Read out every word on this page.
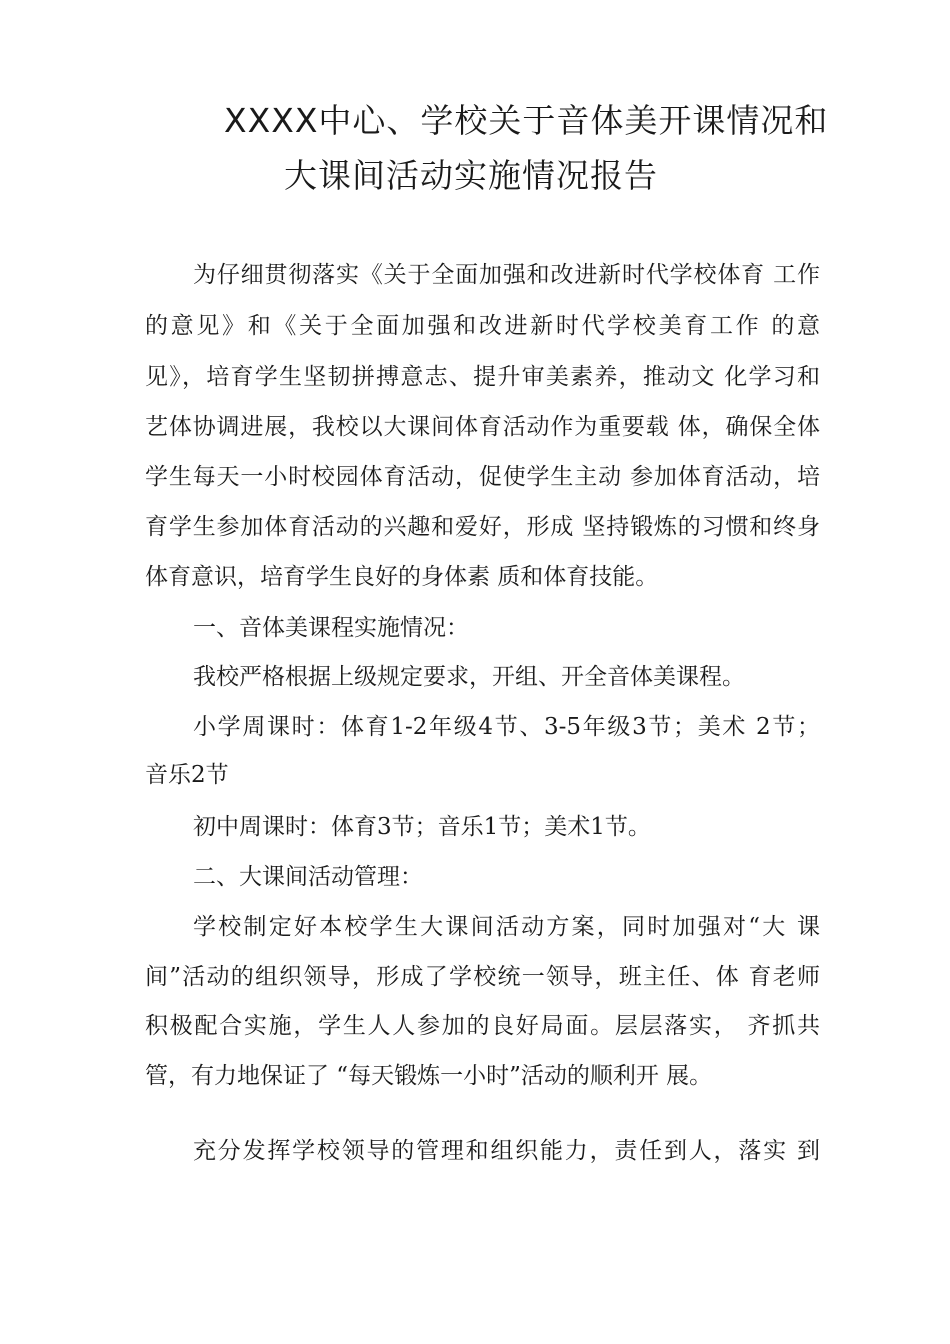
XXXX中心、学校关于音体美开课情况和
大课间活动实施情况报告
为仔细贯彻落实《关于全面加强和改进新时代学校体育 工作
的意见》和《关于全面加强和改进新时代学校美育工作 的意
见》，培育学生坚韧拼搏意志、提升审美素养，推动文 化学习和
艺体协调进展，我校以大课间体育活动作为重要载 体，确保全体
学生每天一小时校园体育活动，促使学生主动 参加体育活动，培
育学生参加体育活动的兴趣和爱好，形成 坚持锻炼的习惯和终身
体育意识，培育学生良好的身体素 质和体育技能。
一、音体美课程实施情况：
我校严格根据上级规定要求，开组、开全音体美课程。
小学周课时：体育1-2年级4节、3-5年级3节；美术 2节；
音乐2节
初中周课时：体育3节；音乐1节；美术1节。
二、大课间活动管理：
学校制定好本校学生大课间活动方案，同时加强对“大 课
间”活动的组织领导，形成了学校统一领导，班主任、体 育老师
积极配合实施，学生人人参加的良好局面。层层落实， 齐抓共
管，有力地保证了 “每天锻炼一小时”活动的顺利开 展。
充分发挥学校领导的管理和组织能力，责任到人，落实 到
